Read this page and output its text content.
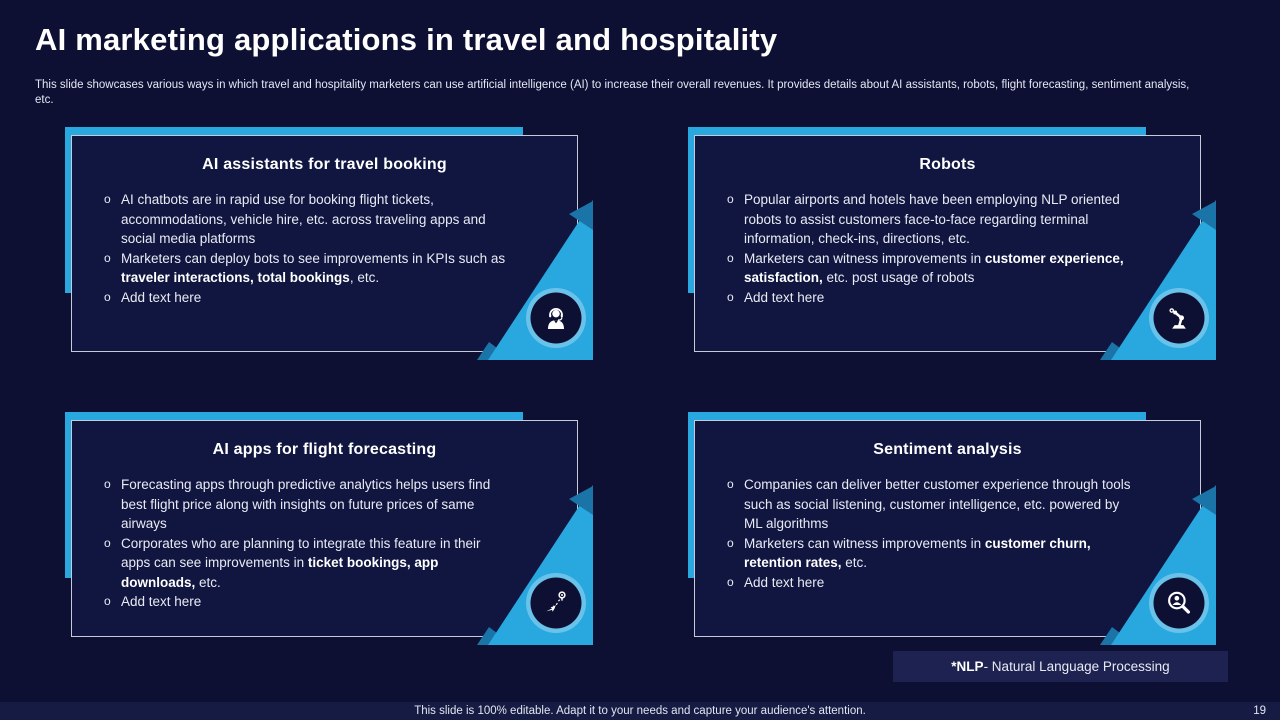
AI marketing applications in travel and hospitality

This slide showcases various ways in which travel and hospitality marketers can use artificial intelligence (AI) to increase their overall revenues. It provides details about AI assistants, robots, flight forecasting, sentiment analysis, etc.

AI assistants for travel booking
o AI chatbots are in rapid use for booking flight tickets, accommodations, vehicle hire, etc. across traveling apps and social media platforms
o Marketers can deploy bots to see improvements in KPIs such as traveler interactions, total bookings, etc.
o Add text here
Robots
o Popular airports and hotels have been employing NLP oriented robots to assist customers face-to-face regarding terminal information, check-ins, directions, etc.
o Marketers can witness improvements in customer experience, satisfaction, etc. post usage of robots
o Add text here
AI apps for flight forecasting
o Forecasting apps through predictive analytics helps users find best flight price along with insights on future prices of same airways
o Corporates who are planning to integrate this feature in their apps can see improvements in ticket bookings, app downloads, etc.
o Add text here
Sentiment analysis
o Companies can deliver better customer experience through tools such as social listening, customer intelligence, etc. powered by ML algorithms
o Marketers can witness improvements in customer churn, retention rates, etc.
o Add text here
*NLP - Natural Language Processing
This slide is 100% editable. Adapt it to your needs and capture your audience's attention.	19
